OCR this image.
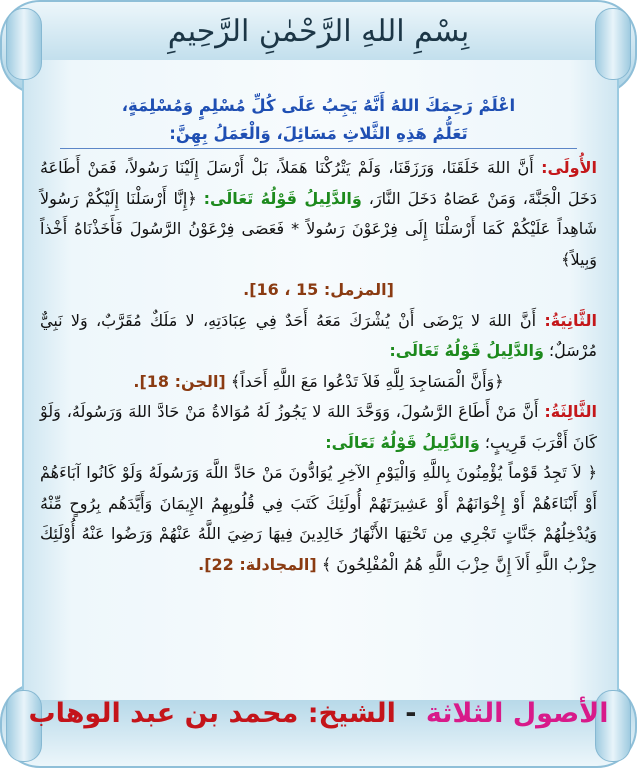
بِسْمِ اللهِ الرَّحْمٰنِ الرَّحِيمِ

اعْلَمْ رَحِمَكَ اللهُ أَنَّهُ يَجِبُ عَلَى كُلِّ مُسْلِمٍ وَمُسْلِمَةٍ،

تَعَلُّمُ هَذِهِ الثَّلاثِ مَسَائِلَ، وَالْعَمَلُ بِهِنَّ:

الأُولَى: أَنَّ اللهَ خَلَقَنَا، وَرَزَقَنَا، وَلَمْ يَتْرُكْنَا هَمَلاً، بَلْ أَرْسَلَ إِلَيْنَا رَسُولاً، فَمَنْ أَطَاعَهُ دَخَلَ الْجَنَّةَ، وَمَنْ عَصَاهُ دَخَلَ النَّارَ، وَالدَّلِيلُ قَوْلُهُ تَعَالَى: ﴿إِنَّا أَرْسَلْنَا إِلَيْكُمْ رَسُولاً شَاهِداً عَلَيْكُمْ كَمَا أَرْسَلْنَا إِلَى فِرْعَوْنَ رَسُولاً * فَعَصَى فِرْعَوْنُ الرَّسُولَ فَأَخَذْنَاهُ أَخْذاً وَبِيلاً﴾

[المزمل: 15 ، 16].

الثَّانِيَةُ: أَنَّ اللهَ لا يَرْضَى أَنْ يُشْرَكَ مَعَهُ أَحَدٌ فِي عِبَادَتِهِ، لا مَلَكٌ مُقَرَّبٌ، وَلا نَبِيٌّ مُرْسَلٌ؛ وَالدَّلِيلُ قَوْلُهُ تَعَالَى:

﴿وَأَنَّ الْمَسَاجِدَ لِلَّهِ فَلاَ تَدْعُوا مَعَ اللَّهِ أَحَداً﴾ [الجن: 18].

الثَّالِثَةُ: أَنَّ مَنْ أَطَاعَ الرَّسُولَ، وَوَحَّدَ اللهَ لا يَجُوزُ لَهُ مُوَالاةُ مَنْ حَادَّ اللهَ وَرَسُولَهُ، وَلَوْ كَانَ أَقْرَبَ قَرِيبٍ؛ وَالدَّلِيلُ قَوْلُهُ تَعَالَى:

﴿ لاَ تَجِدُ قَوْماً يُؤْمِنُونَ بِاللَّهِ وَالْيَوْمِ الآخِرِ يُوَادُّونَ مَنْ حَادَّ اللَّهَ وَرَسُولَهُ وَلَوْ كَانُوا آبَاءَهُمْ أَوْ أَبْنَاءَهُمْ أَوْ إِخْوَانَهُمْ أَوْ عَشِيرَتَهُمْ أُولَئِكَ كَتَبَ فِي قُلُوبِهِمُ الإِيمَانَ وَأَيَّدَهُم بِرُوحٍ مِّنْهُ وَيُدْخِلُهُمْ جَنَّاتٍ تَجْرِي مِن تَحْتِهَا الأَنْهَارُ خَالِدِينَ فِيهَا رَضِيَ اللَّهُ عَنْهُمْ وَرَضُوا عَنْهُ أُوْلَئِكَ حِزْبُ اللَّهِ أَلاَ إِنَّ حِزْبَ اللَّهِ هُمُ الْمُفْلِحُونَ ﴾ [المجادلة: 22].

الأصول الثلاثة - الشيخ: محمد بن عبد الوهاب
